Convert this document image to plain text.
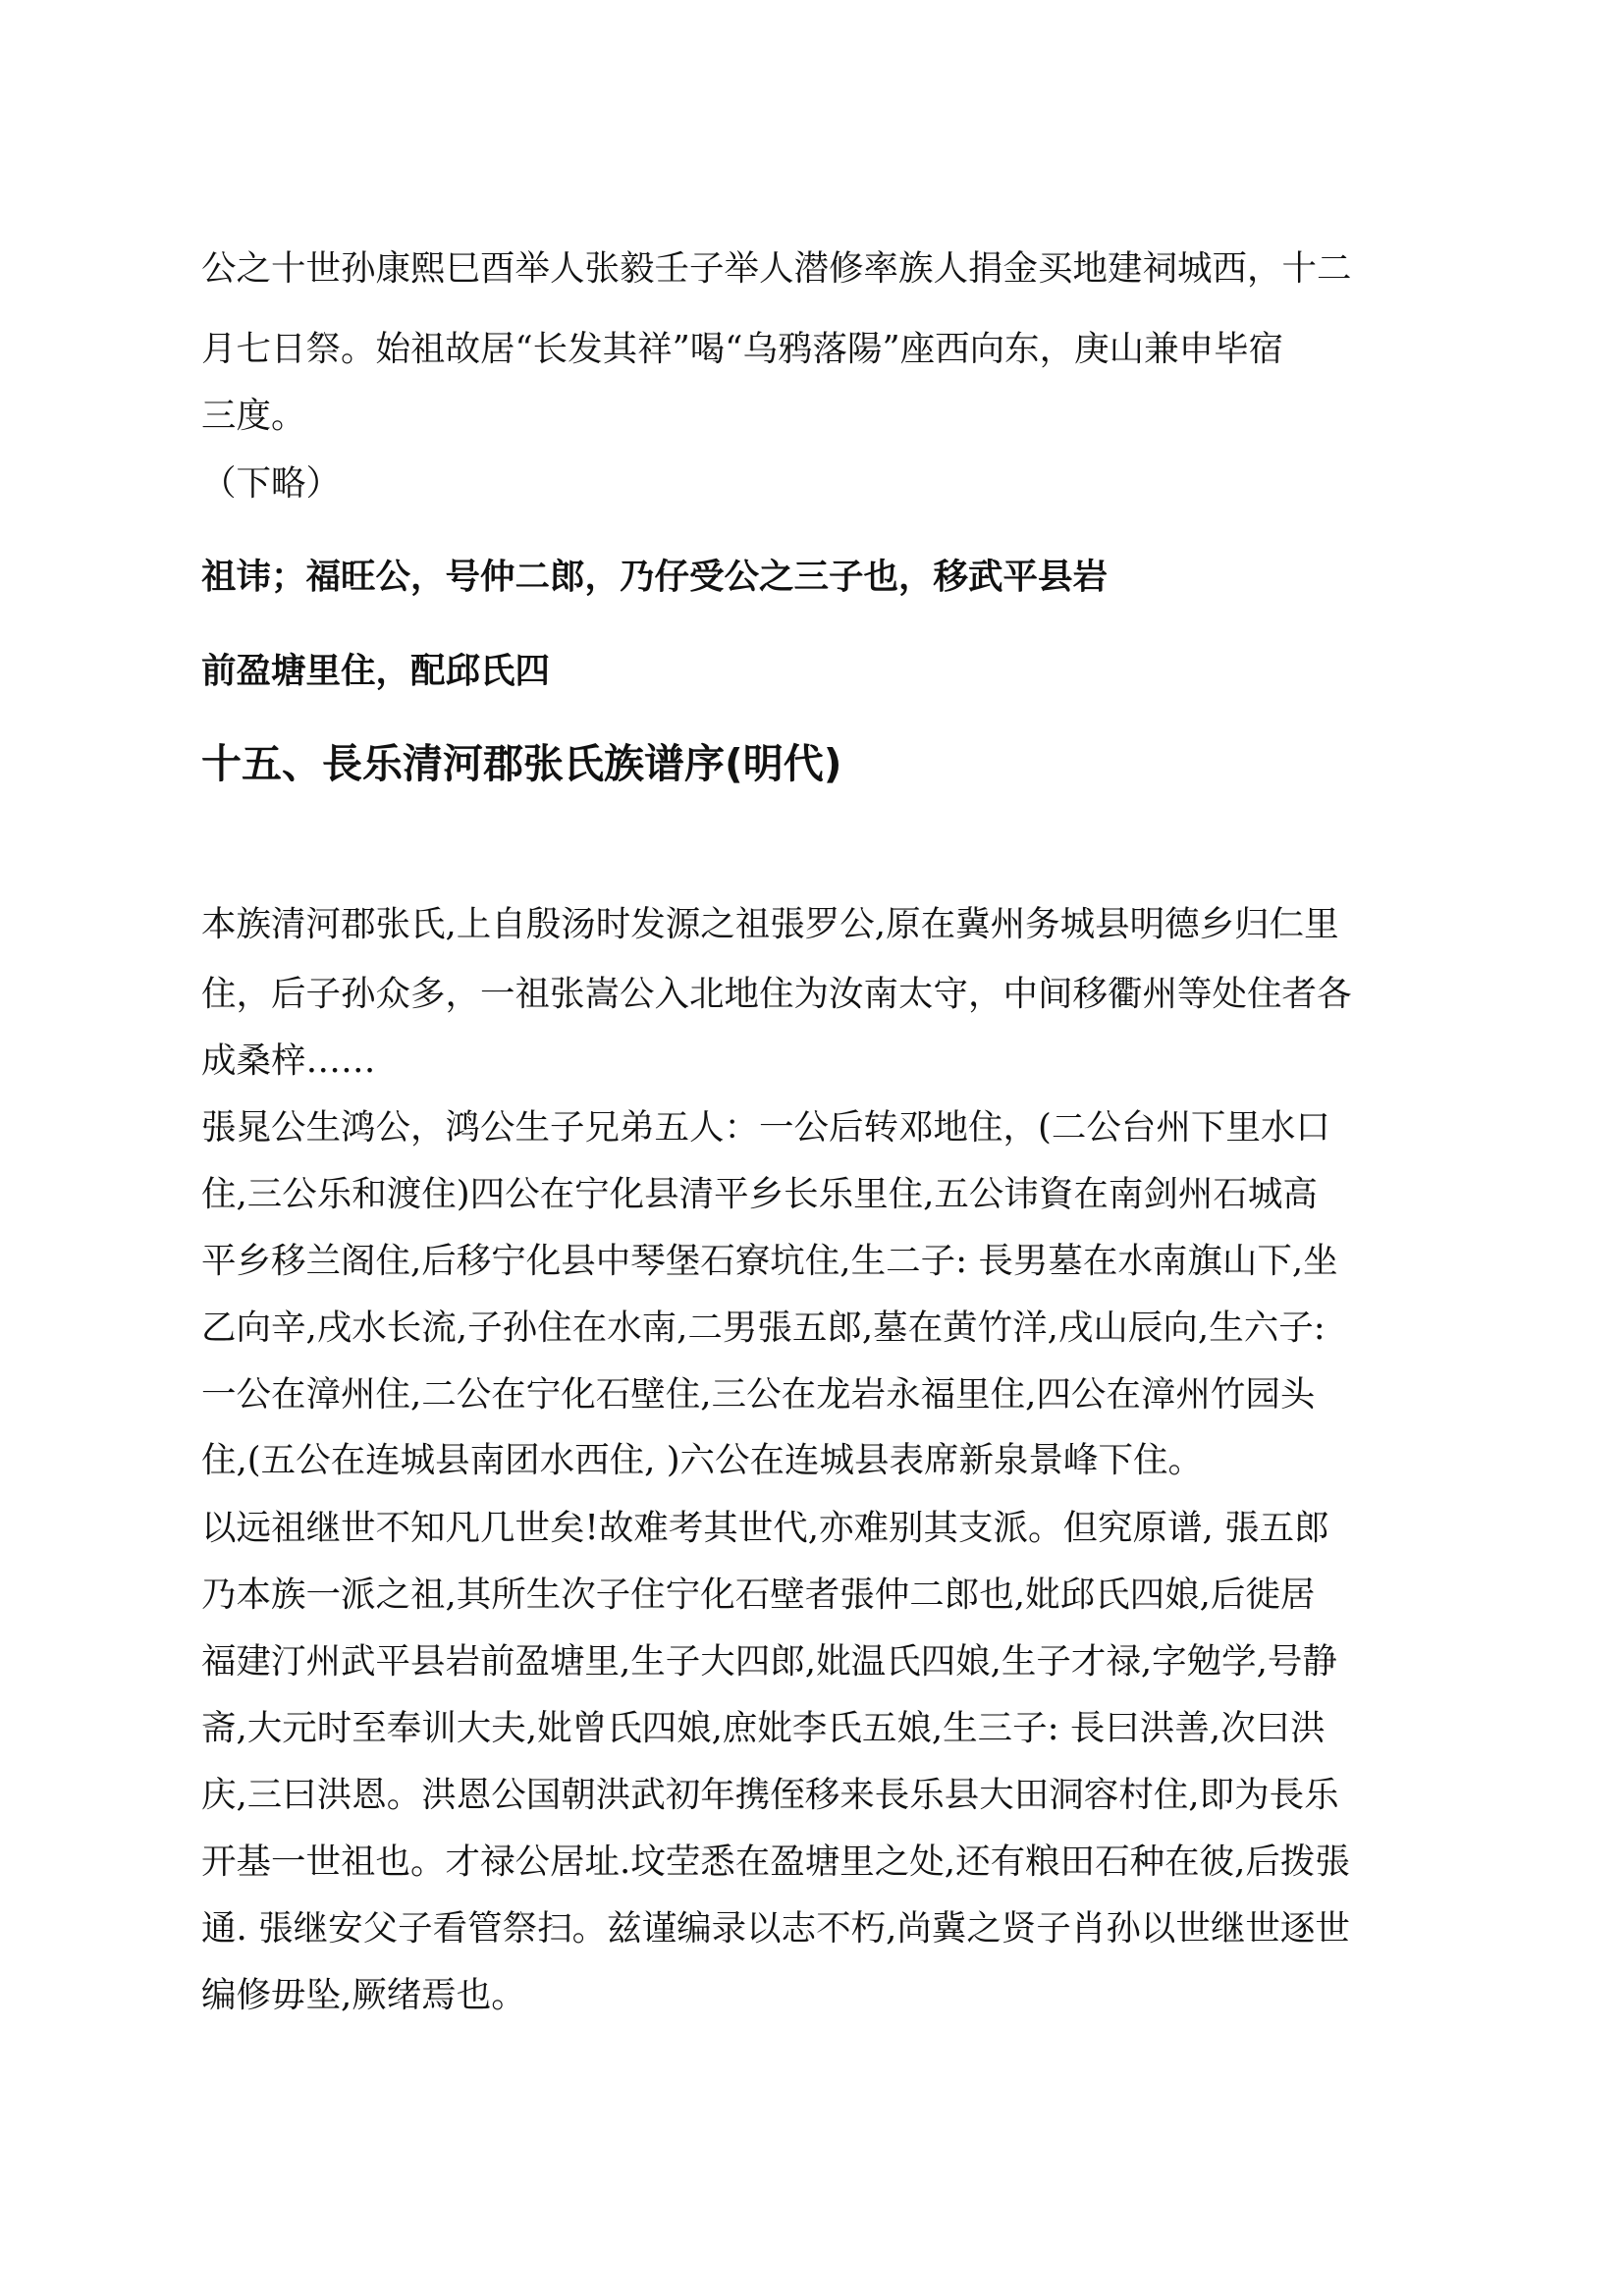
公之十世孙康熙巳酉举人张毅壬子举人潜修率族人捐金买地建祠城西，十二
月七日祭。始祖故居“长发其祥”喝“乌鸦落陽”座西向东，庚山兼申毕宿
三度。
（下略）
祖讳；福旺公，号仲二郎，乃仔受公之三子也，移武平县岩
前盈塘里住，配邱氏四
十五、長乐清河郡张氏族谱序(明代)
本族清河郡张氏,上自殷汤时发源之祖張罗公,原在冀州务城县明德乡归仁里
住，后子孙众多，一祖张嵩公入北地住为汝南太守，中间移衢州等处住者各
成桑梓……
張晁公生鸿公，鸿公生子兄弟五人：一公后转邓地住，(二公台州下里水口
住,三公乐和渡住)四公在宁化县清平乡长乐里住,五公讳資在南剑州石城高
平乡移兰阁住,后移宁化县中琴堡石寮坑住,生二子: 長男墓在水南旗山下,坐
乙向辛,戌水长流,子孙住在水南,二男張五郎,墓在黄竹洋,戌山辰向,生六子:
一公在漳州住,二公在宁化石壁住,三公在龙岩永福里住,四公在漳州竹园头
住,(五公在连城县南团水西住, )六公在连城县表席新泉景峰下住。
以远祖继世不知凡几世矣!故难考其世代,亦难别其支派。但究原谱, 張五郎
乃本族一派之祖,其所生次子住宁化石壁者張仲二郎也,妣邱氏四娘,后徙居
福建汀州武平县岩前盈塘里,生子大四郎,妣温氏四娘,生子才禄,字勉学,号静
斋,大元时至奉训大夫,妣曾氏四娘,庶妣李氏五娘,生三子: 長曰洪善,次曰洪
庆,三曰洪恩。洪恩公国朝洪武初年携侄移来長乐县大田洞容村住,即为長乐
开基一世祖也。才禄公居址.坟茔悉在盈塘里之处,还有粮田石种在彼,后拨張
通. 張继安父子看管祭扫。兹谨编录以志不朽,尚冀之贤子肖孙以世继世逐世
编修毋坠,厥绪焉也。
